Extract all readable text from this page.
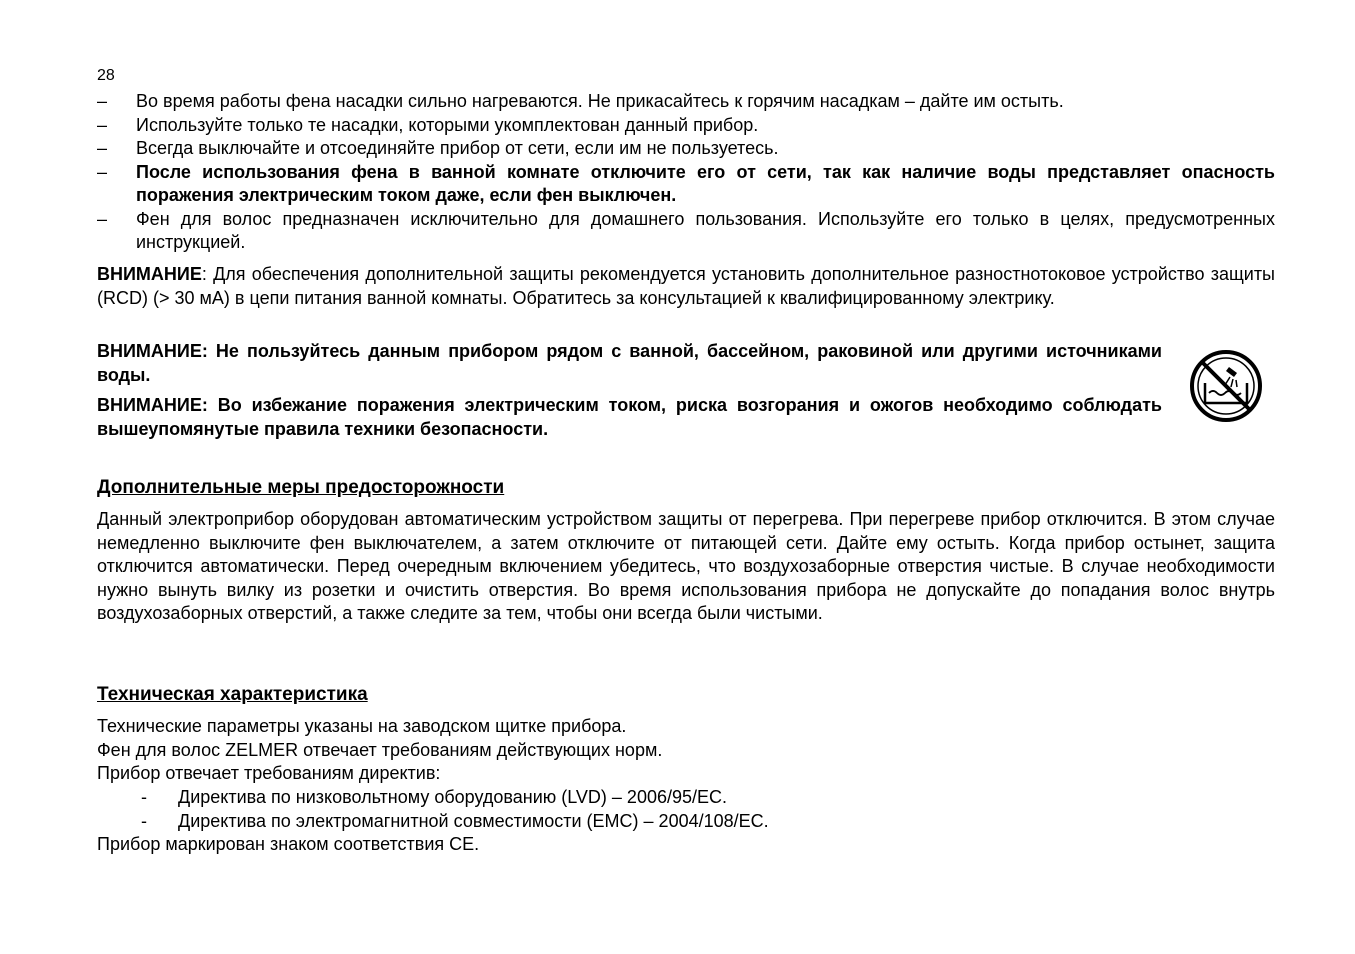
28
– Во время работы фена насадки сильно нагреваются. Не прикасайтесь к горячим насадкам – дайте им остыть.
– Используйте только те насадки, которыми укомплектован данный прибор.
– Всегда выключайте и отсоединяйте прибор от сети, если им не пользуетесь.
– После использования фена в ванной комнате отключите его от сети, так как наличие воды представляет опасность поражения электрическим током даже, если фен выключен.
– Фен для волос предназначен исключительно для домашнего пользования. Используйте его только в целях, предусмотренных инструкцией.
ВНИМАНИЕ: Для обеспечения дополнительной защиты рекомендуется установить дополнительное разностнотоковое устройство защиты (RCD) (> 30 мА) в цепи питания ванной комнаты. Обратитесь за консультацией к квалифицированному электрику.
ВНИМАНИЕ: Не пользуйтесь данным прибором рядом с ванной, бассейном, раковиной или другими источниками воды.
ВНИМАНИЕ: Во избежание поражения электрическим током, риска возгорания и ожогов необходимо соблюдать вышеупомянутые правила техники безопасности.
Дополнительные меры предосторожности
Данный электроприбор оборудован автоматическим устройством защиты от перегрева. При перегреве прибор отключится. В этом случае немедленно выключите фен выключателем, а затем отключите от питающей сети. Дайте ему остыть. Когда прибор остынет, защита отключится автоматически. Перед очередным включением убедитесь, что воздухозаборные отверстия чистые. В случае необходимости нужно вынуть вилку из розетки и очистить отверстия. Во время использования прибора не допускайте до попадания волос внутрь воздухозаборных отверстий, а также следите за тем, чтобы они всегда были чистыми.
Техническая характеристика
Технические параметры указаны на заводском щитке прибора.
Фен для волос ZELMER отвечает требованиям действующих норм.
Прибор отвечает требованиям директив:
- Директива по низковольтному оборудованию (LVD) – 2006/95/EC.
- Директива по электромагнитной совместимости (EMC) – 2004/108/EC.
Прибор маркирован знаком соответствия CE.
